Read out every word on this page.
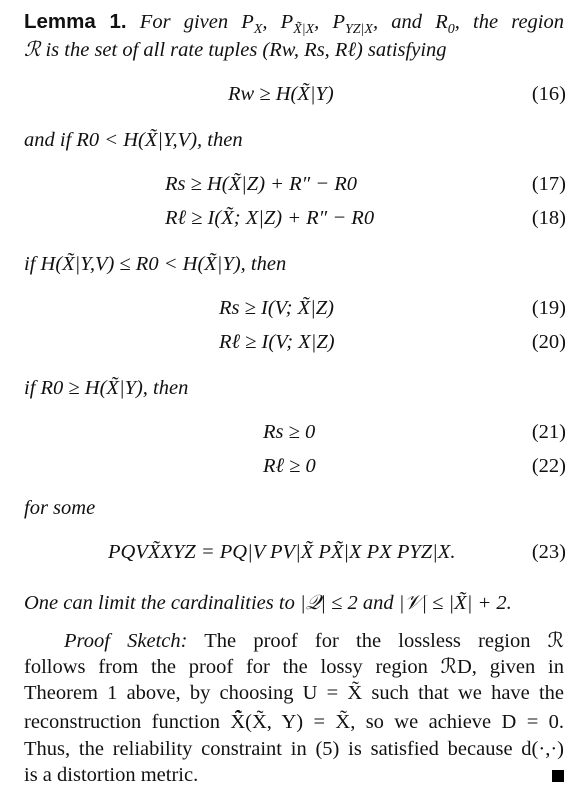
Lemma 1. For given $P_X$, $P_{X̃|X}$, $P_{YZ|X}$, and $R_0$, the region
ℛ is the set of all rate tuples (Rw, Rs, Rℓ) satisfying
Rw ≥ H(X̃|Y)	(16)
and if R0 < H(X̃|Y,V), then
Rs ≥ H(X̃|Z) + R″ − R0	(17)
Rℓ ≥ I(X̃; X|Z) + R″ − R0	(18)
if H(X̃|Y,V) ≤ R0 < H(X̃|Y), then
Rs ≥ I(V; X̃|Z)	(19)
Rℓ ≥ I(V; X|Z)	(20)
if R0 ≥ H(X̃|Y), then
Rs ≥ 0	(21)
Rℓ ≥ 0	(22)
for some
PQVX̃XYZ = PQ|V PV|X̃ PX̃|X PX PYZ|X.	(23)
One can limit the cardinalities to |𝒬| ≤ 2 and |𝒱| ≤ |X̃| + 2.
Proof Sketch: The proof for the lossless region ℛ
follows from the proof for the lossy region ℛD, given in
Theorem 1 above, by choosing U = X̃ such that we have the
reconstruction function X̃̂(X̃, Y) = X̃, so we achieve D = 0.
Thus, the reliability constraint in (5) is satisfied because d(·,·)
is a distortion metric.
